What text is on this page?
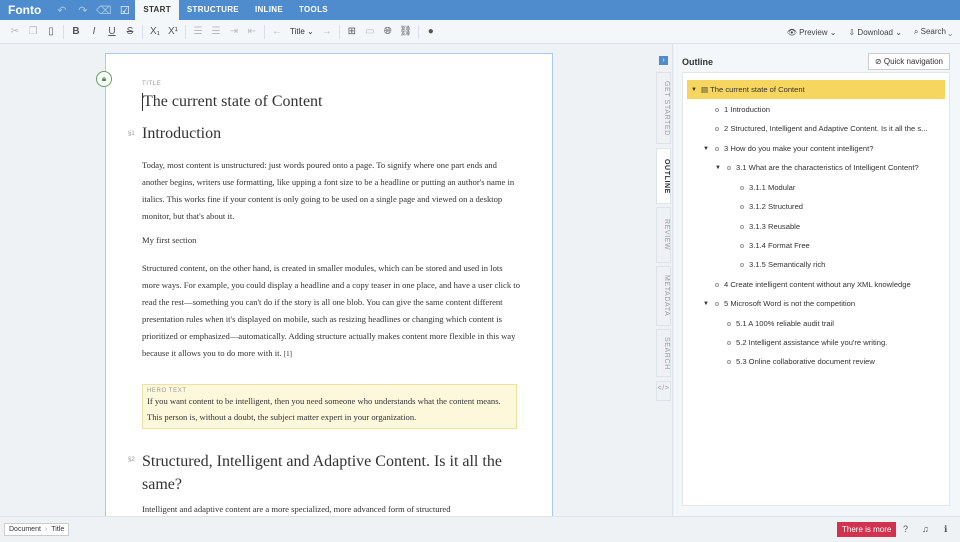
Fonto	↶	↷ ⌫ ☑	START	STRUCTURE	INLINE	TOOLS
✂ ❐	▯	B	I	U	S	X₁ X¹	☰ ☰ ⇥ ⇤	←	Title ⌄ →	⊞ ▭ 🌐︎ ⛓	●	👁︎ Preview ⌄ ⇩ Download ⌄ ⌕ Search ⌄
TITLE
The current state of Content
§1 Introduction
Today, most content is unstructured: just words poured onto a page. To signify where one part ends and another begins, writers use formatting, like upping a font size to be a headline or putting an author's name in italics. This works fine if your content is only going to be used on a single page and viewed on a desktop monitor, but that's about it.
My first section
Structured content, on the other hand, is created in smaller modules, which can be stored and used in lots more ways. For example, you could display a headline and a copy teaser in one place, and have a user click to read the rest—something you can't do if the story is all one blob. You can give the same content different presentation rules when it's displayed on mobile, such as resizing headlines or changing which content is prioritized or emphasized—automatically. Adding structure actually makes content more flexible in this way because it allows you to do more with it. [1]
HERO TEXT
If you want content to be intelligent, then you need someone who understands what the content means. This person is, without a doubt, the subject matter expert in your organization.
§2 Structured, Intelligent and Adaptive Content. Is it all the same?
Intelligent and adaptive content are a more specialized, more advanced form of structured
🔒︎
›
GET STARTED
OUTLINE
REVIEW
METADATA
SEARCH
</>
Outline	⊘ Quick navigation
▼ ▤ The current state of Content
1 Introduction
2 Structured, Intelligent and Adaptive Content. Is it all the s...
▼	3 How do you make your content intelligent?
▼	3.1 What are the characteristics of Intelligent Content?
3.1.1 Modular
3.1.2 Structured
3.1.3 Reusable
3.1.4 Format Free
3.1.5 Semantically rich
4 Create intelligent content without any XML knowledge
▼	5 Microsoft Word is not the competition
5.1 A 100% reliable audit trail
5.2 Intelligent assistance while you're writing.
5.3 Online collaborative document review
Document › Title	There is more	? ♫ ℹ
